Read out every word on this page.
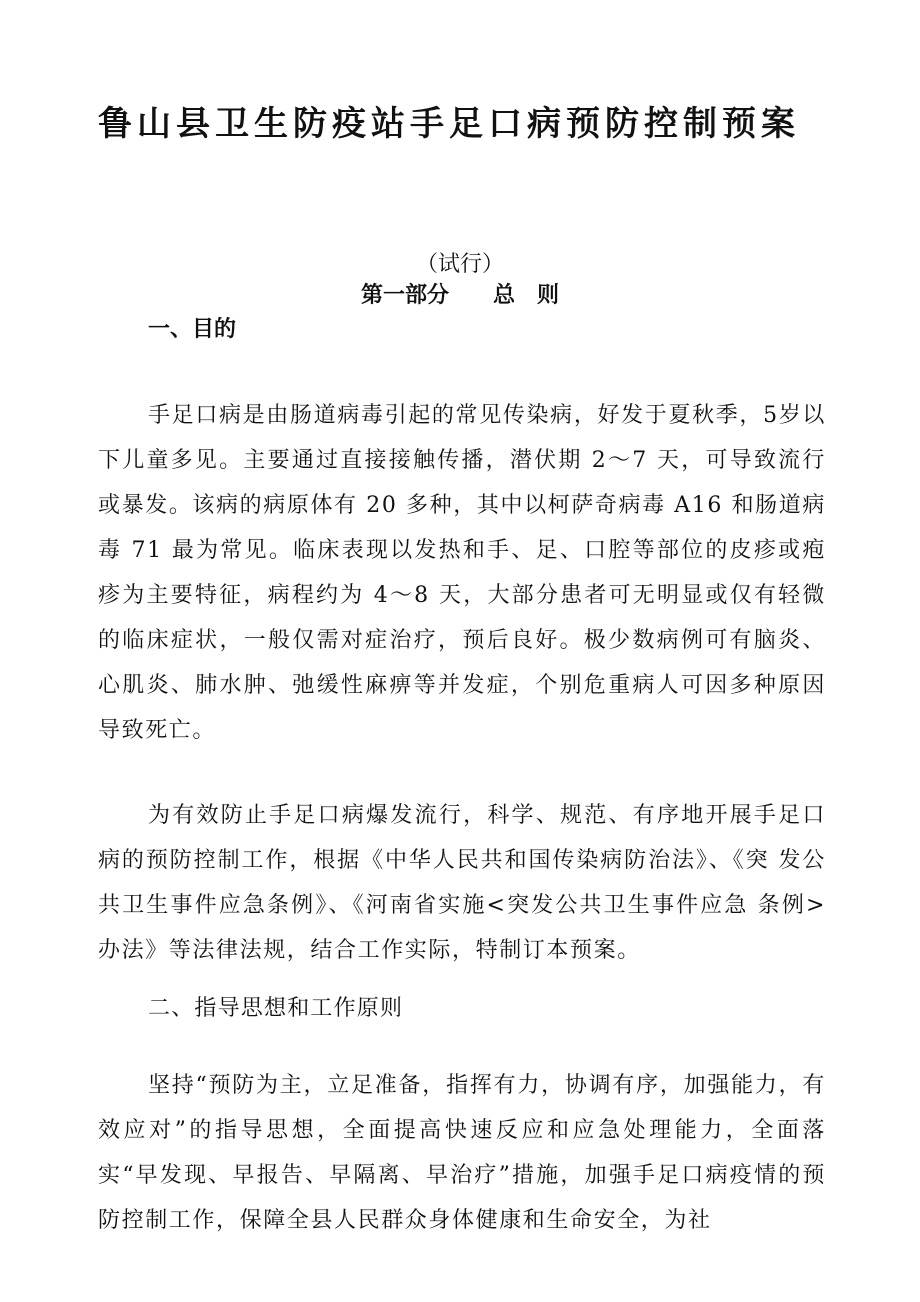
鲁山县卫生防疫站手足口病预防控制预案
（试行）
第一部分　　总　则
一、目的

手足口病是由肠道病毒引起的常见传染病，好发于夏秋季，5岁以下儿童多见。主要通过直接接触传播，潜伏期 2～7 天，可导致流行或暴发。该病的病原体有 20 多种，其中以柯萨奇病毒 A16 和肠道病毒 71 最为常见。临床表现以发热和手、足、口腔等部位的皮疹或疱疹为主要特征，病程约为 4～8 天，大部分患者可无明显或仅有轻微的临床症状，一般仅需对症治疗，预后良好。极少数病例可有脑炎、心肌炎、肺水肿、弛缓性麻痹等并发症，个别危重病人可因多种原因导致死亡。

为有效防止手足口病爆发流行，科学、规范、有序地开展手足口病的预防控制工作，根据《中华人民共和国传染病防治法》、《突 发公共卫生事件应急条例》、《河南省实施<突发公共卫生事件应急 条例>办法》等法律法规，结合工作实际，特制订本预案。

二、指导思想和工作原则

坚持“预防为主，立足准备，指挥有力，协调有序，加强能力，有效应对”的指导思想，全面提高快速反应和应急处理能力，全面落实“早发现、早报告、早隔离、早治疗”措施，加强手足口病疫情的预防控制工作，保障全县人民群众身体健康和生命安全，为社
